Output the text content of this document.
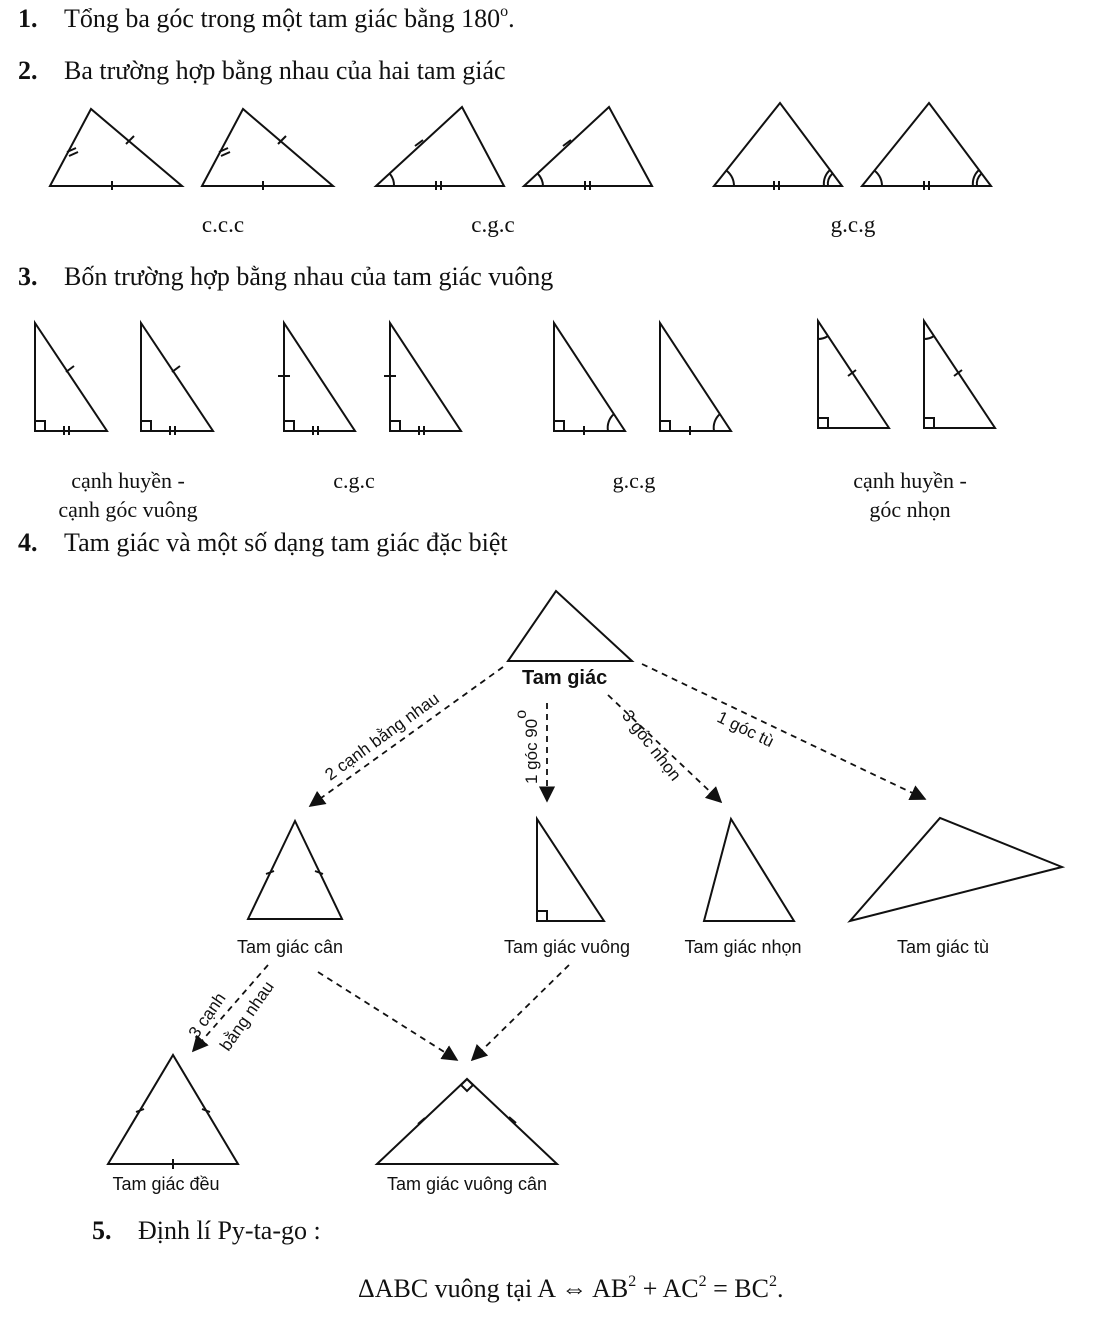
1. Tổng ba góc trong một tam giác bằng 180$^o$.
2. Ba trường hợp bằng nhau của hai tam giác
3. Bốn trường hợp bằng nhau của tam giác vuông
4. Tam giác và một số dạng tam giác đặc biệt
5. Định lí Py-ta-go :
c.c.c	c.g.c	g.c.g
cạnh huyền -
cạnh góc vuông
c.g.c	g.c.g	cạnh huyền -
góc nhọn
Tam giác
2 cạnh bằng nhau	1 góc 90$^o$	3 góc nhọn	1 góc tù
3 cạnh
bằng nhau
Tam giác cân	Tam giác vuông	Tam giác nhọn	Tam giác tù
Tam giác đều	Tam giác vuông cân
ΔABC vuông tại A ⇔ $AB^2 + AC^2 = BC^2$.
